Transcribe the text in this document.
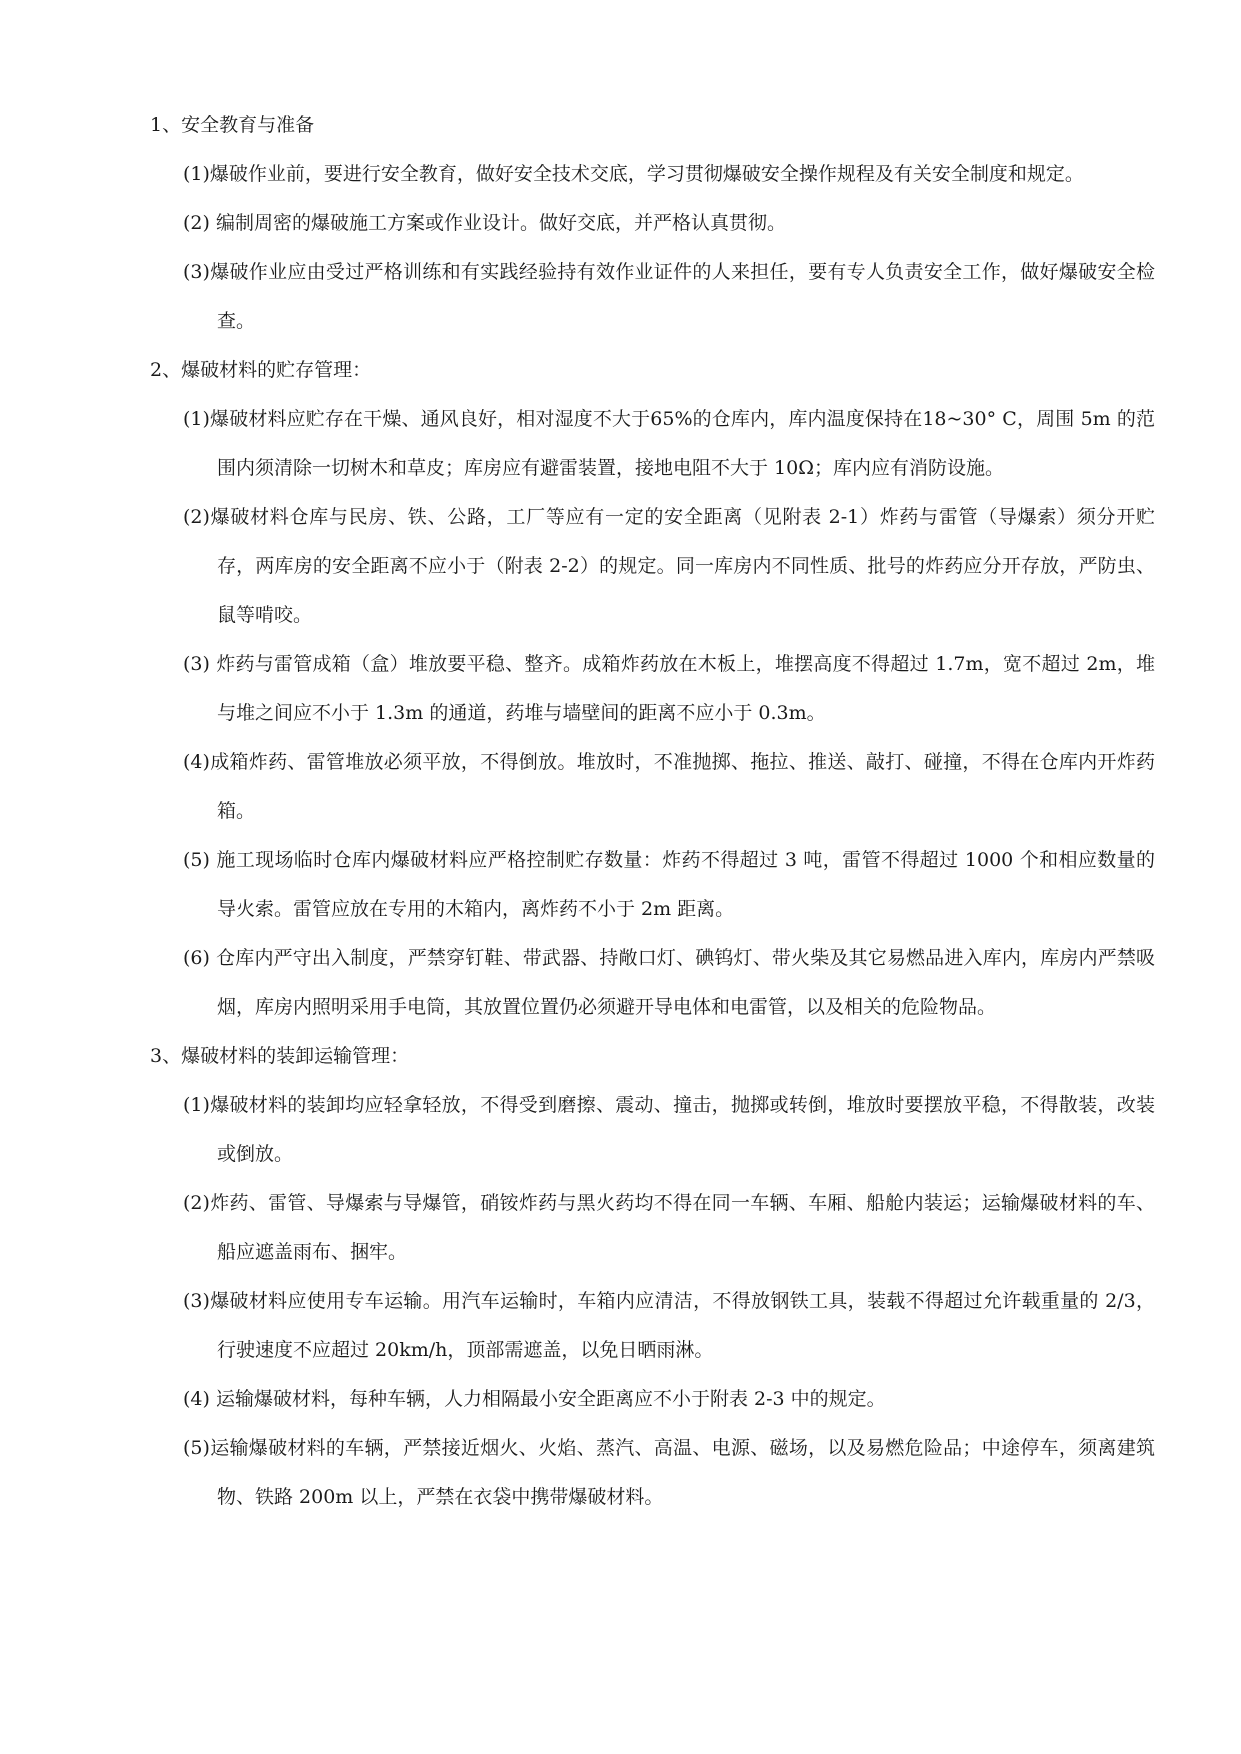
1、安全教育与准备

(1)爆破作业前，要进行安全教育，做好安全技术交底，学习贯彻爆破安全操作规程及有关安全制度和规定。

(2) 编制周密的爆破施工方案或作业设计。做好交底，并严格认真贯彻。

(3)爆破作业应由受过严格训练和有实践经验持有效作业证件的人来担任，要有专人负责安全工作，做好爆破安全检查。

2、爆破材料的贮存管理：

(1)爆破材料应贮存在干燥、通风良好，相对湿度不大于65%的仓库内，库内温度保持在18~30° C，周围 5m 的范围内须清除一切树木和草皮；库房应有避雷装置，接地电阻不大于 10Ω；库内应有消防设施。

(2)爆破材料仓库与民房、铁、公路，工厂等应有一定的安全距离（见附表 2-1）炸药与雷管（导爆索）须分开贮存，两库房的安全距离不应小于（附表 2-2）的规定。同一库房内不同性质、批号的炸药应分开存放，严防虫、鼠等啃咬。

(3) 炸药与雷管成箱（盒）堆放要平稳、整齐。成箱炸药放在木板上，堆摆高度不得超过 1.7m，宽不超过 2m，堆与堆之间应不小于 1.3m 的通道，药堆与墙壁间的距离不应小于 0.3m。

(4)成箱炸药、雷管堆放必须平放，不得倒放。堆放时，不准抛掷、拖拉、推送、敲打、碰撞，不得在仓库内开炸药箱。

(5) 施工现场临时仓库内爆破材料应严格控制贮存数量：炸药不得超过 3 吨，雷管不得超过 1000 个和相应数量的导火索。雷管应放在专用的木箱内，离炸药不小于 2m 距离。

(6) 仓库内严守出入制度，严禁穿钉鞋、带武器、持敞口灯、碘钨灯、带火柴及其它易燃品进入库内，库房内严禁吸烟，库房内照明采用手电筒，其放置位置仍必须避开导电体和电雷管，以及相关的危险物品。

3、爆破材料的装卸运输管理：

(1)爆破材料的装卸均应轻拿轻放，不得受到磨擦、震动、撞击，抛掷或转倒，堆放时要摆放平稳，不得散装，改装或倒放。

(2)炸药、雷管、导爆索与导爆管，硝铵炸药与黑火药均不得在同一车辆、车厢、船舱内装运；运输爆破材料的车、船应遮盖雨布、捆牢。

(3)爆破材料应使用专车运输。用汽车运输时，车箱内应清洁，不得放钢铁工具，装载不得超过允许载重量的 2/3，行驶速度不应超过 20km/h，顶部需遮盖，以免日晒雨淋。

(4) 运输爆破材料，每种车辆，人力相隔最小安全距离应不小于附表 2-3 中的规定。

(5)运输爆破材料的车辆，严禁接近烟火、火焰、蒸汽、高温、电源、磁场，以及易燃危险品；中途停车，须离建筑物、铁路 200m 以上，严禁在衣袋中携带爆破材料。
